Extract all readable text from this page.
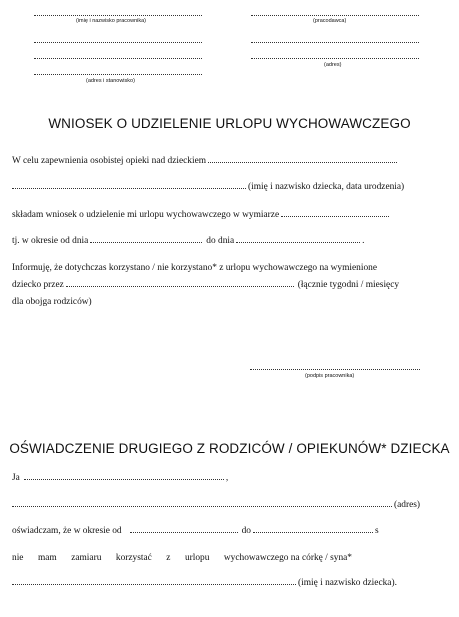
(imię i nazwisko pracownika)	(pracodawca)
(adres)
(adres i stanowisko)
WNIOSEK O UDZIELENIE URLOPU WYCHOWAWCZEGO
W celu zapewnienia osobistej opieki nad dzieckiem
(imię i nazwisko dziecka, data urodzenia)
składam wniosek o udzielenie mi urlopu wychowawczego w wymiarze
tj. w okresie od dnia	do dnia	.
Informuję, że dotychczas korzystano / nie korzystano* z urlopu wychowawczego na wymienione
dziecko przez	(łącznie tygodni / miesięcy
dla obojga rodziców)
(podpis pracownika)
OŚWIADCZENIE DRUGIEGO Z RODZICÓW / OPIEKUNÓW* DZIECKA
Ja	,
(adres)
oświadczam, że w okresie od	do	s
nie mam zamiaru korzystać z urlopu wychowawczego na córkę / syna*
(imię i nazwisko dziecka).
